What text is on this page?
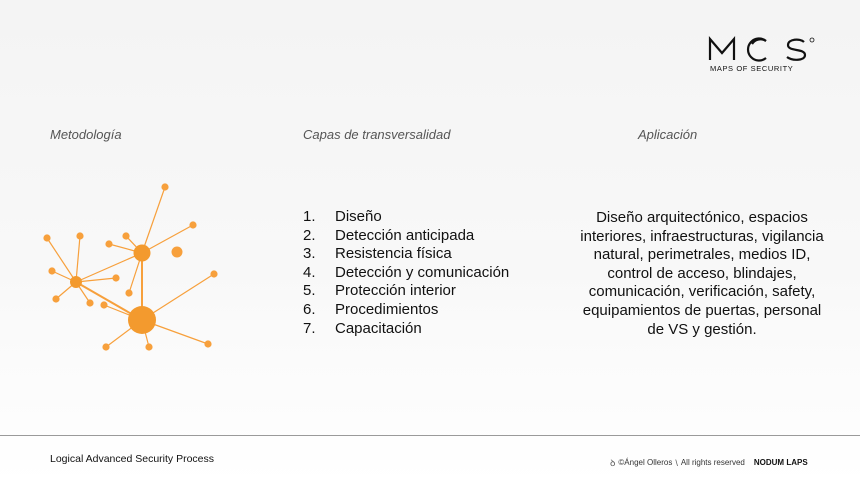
MAPS OF SECURITY
Metodología	Capas de transversalidad	Aplicación
1.	Diseño
2.	Detección anticipada
3.	Resistencia física
4.	Detección y comunicación
5.	Protección interior
6.	Procedimientos
7.	Capacitación
Diseño arquitectónico, espacios interiores, infraestructuras, vigilancia natural, perimetrales, medios ID, control de acceso, blindajes, comunicación, verificación, safety, equipamientos de puertas, personal de VS y gestión.
Logical Advanced Security Process	ꝺ ©Ángel Olleros \ All rights reserved NODUM LAPS
